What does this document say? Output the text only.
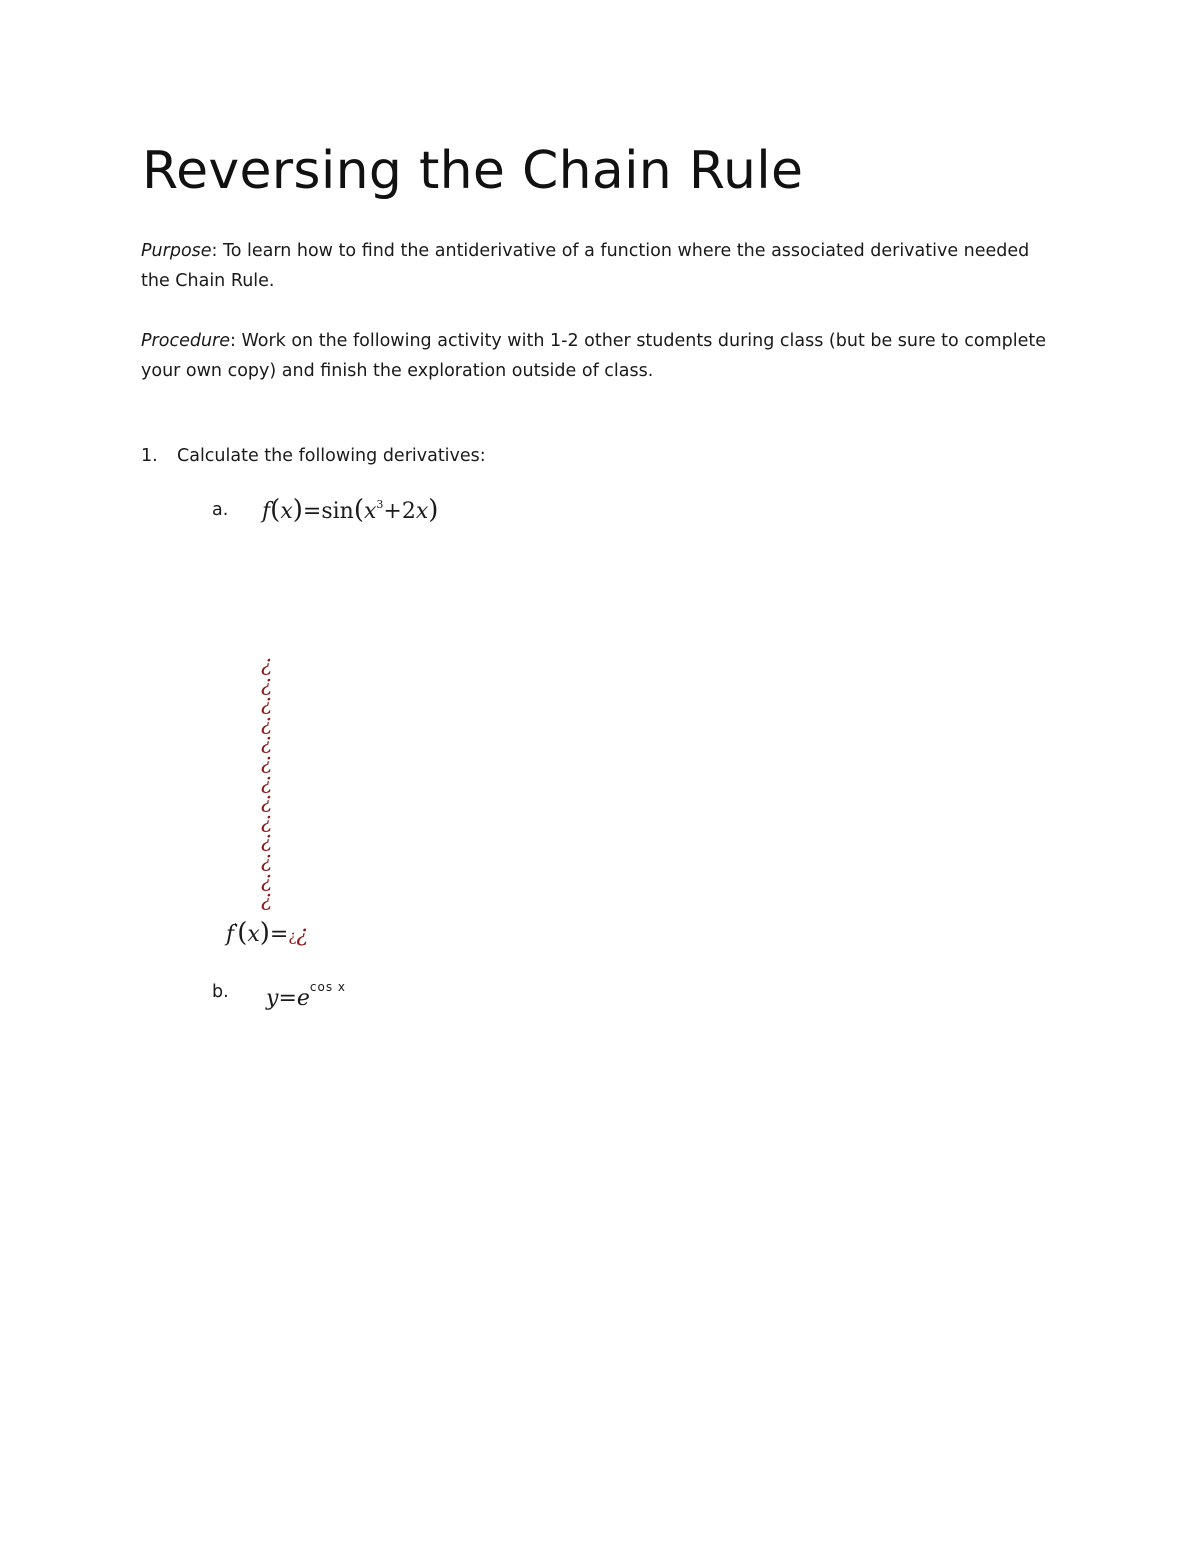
Reversing the Chain Rule
Purpose: To learn how to find the antiderivative of a function where the associated derivative needed the Chain Rule.
Procedure: Work on the following activity with 1-2 other students during class (but be sure to complete your own copy) and finish the exploration outside of class.
1. Calculate the following derivatives:
a. $f(x)=\sin(x^3+2x)$
¿
¿
¿
¿
¿
¿
¿
¿
¿
¿
¿
¿
¿
f'(x)=¿¿
b. $y=e^{cos x}$
